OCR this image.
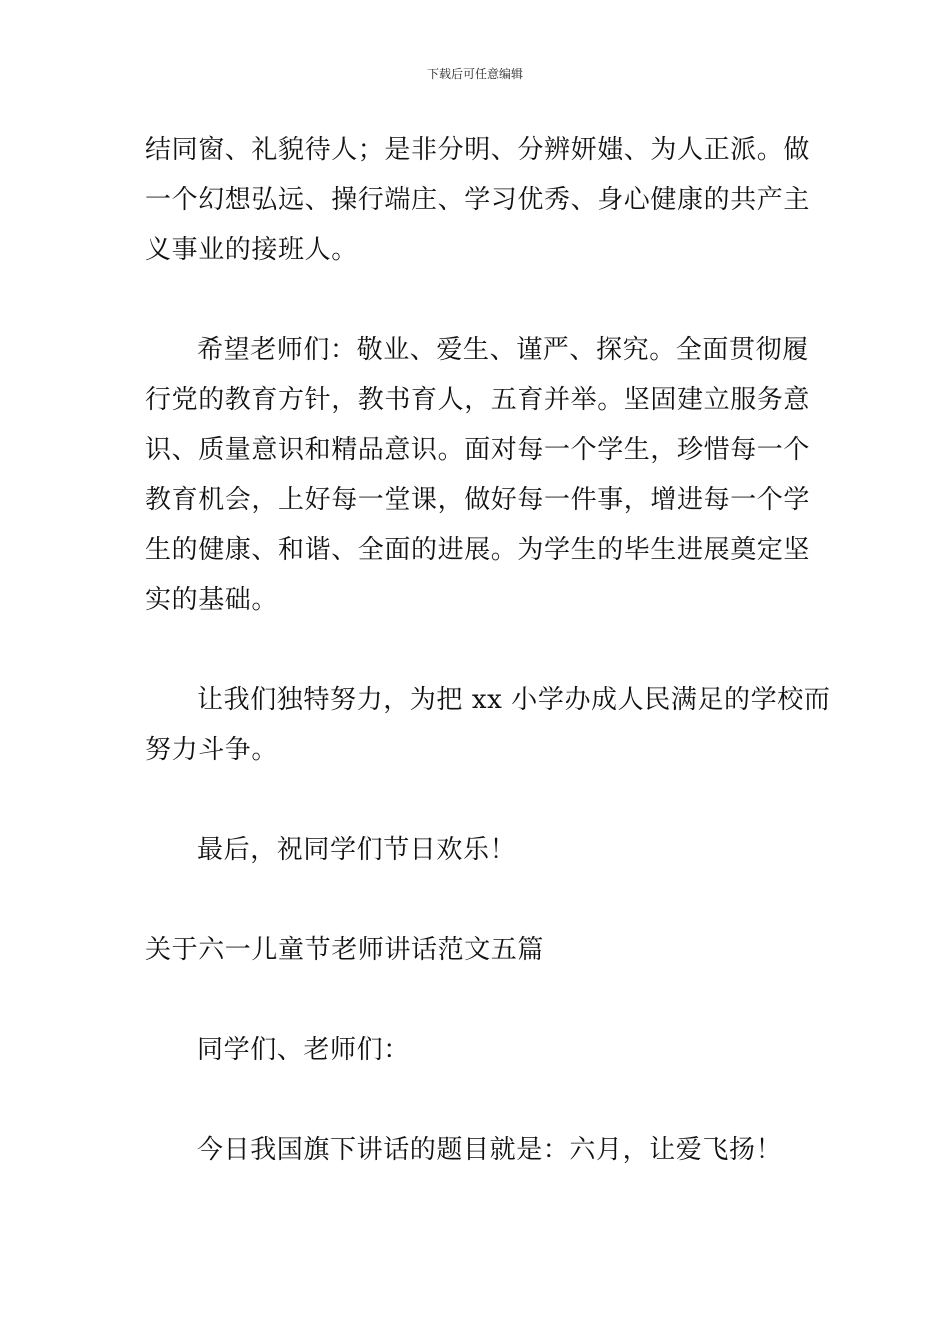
下载后可任意编辑
结同窗、礼貌待人；是非分明、分辨妍媸、为人正派。做
一个幻想弘远、操行端庄、学习优秀、身心健康的共产主
义事业的接班人。
希望老师们：敬业、爱生、谨严、探究。全面贯彻履
行党的教育方针，教书育人，五育并举。坚固建立服务意
识、质量意识和精品意识。面对每一个学生，珍惜每一个
教育机会，上好每一堂课，做好每一件事，增进每一个学
生的健康、和谐、全面的进展。为学生的毕生进展奠定坚
实的基础。
让我们独特努力，为把 xx 小学办成人民满足的学校而
努力斗争。
最后，祝同学们节日欢乐！
关于六一儿童节老师讲话范文五篇
同学们、老师们：
今日我国旗下讲话的题目就是：六月，让爱飞扬！
